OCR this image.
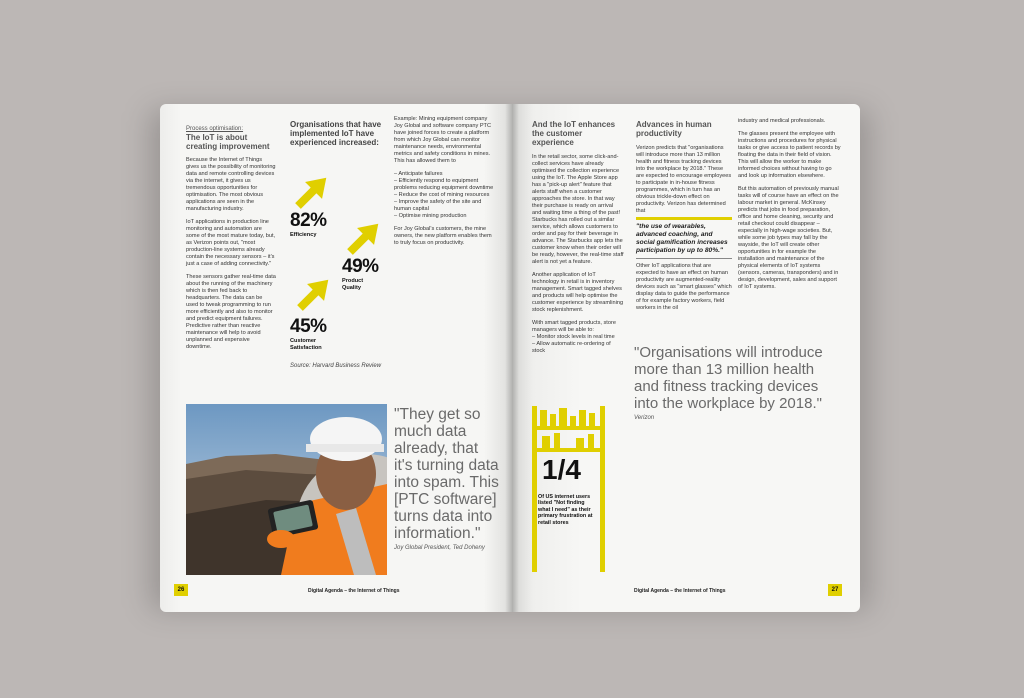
Process optimisation:
The IoT is about creating improvement

Because the Internet of Things gives us the possibility of monitoring data and remote controlling devices via the internet, it gives us tremendous opportunities for optimisation. The most obvious applications are seen in the manufacturing industry.

IoT applications in production line monitoring and automation are some of the most mature today, but, as Verizon points out, "most production-line systems already contain the necessary sensors – it's just a case of adding connectivity."

These sensors gather real-time data about the running of the machinery which is then fed back to headquarters. The data can be used to tweak programming to run more efficiently and also to monitor and predict equipment failures. Predictive rather than reactive maintenance will help to avoid unplanned and expensive downtime.

Organisations that have implemented IoT have experienced increased:
82%
Efficiency
49%
Product Quality
45%
Customer Satisfaction
Source: Harvard Business Review

Example: Mining equipment company Joy Global and software company PTC have joined forces to create a platform from which Joy Global can monitor maintenance needs, environmental metrics and safety conditions in mines. This has allowed them to

– Anticipate failures
– Efficiently respond to equipment problems reducing equipment downtime
– Reduce the cost of mining resources
– Improve the safety of the site and human capital
– Optimise mining production

For Joy Global's customers, the mine owners, the new platform enables them to truly focus on productivity.

"They get so much data already, that it's turning data into spam. This [PTC software] turns data into information."
Joy Global President, Ted Doheny
26	Digital Agenda – the Internet of Things
And the IoT enhances the customer experience

In the retail sector, some click-and-collect services have already optimised the collection experience using the IoT. The Apple Store app has a "pick-up alert" feature that alerts staff when a customer approaches the store. In that way their purchase is ready on arrival and waiting time a thing of the past! Starbucks has rolled out a similar service, which allows customers to order and pay for their beverage in advance. The Starbucks app lets the customer know when their order will be ready, however, the real-time staff alert is not yet a feature.

Another application of IoT technology in retail is in inventory management. Smart tagged shelves and products will help optimise the customer experience by streamlining stock replenishment.

With smart tagged products, store managers will be able to:

– Monitor stock levels in real time
– Allow automatic re-ordering of stock
Advances in human productivity

Verizon predicts that "organisations will introduce more than 13 million health and fitness tracking devices into the workplace by 2018." These are expected to encourage employees to participate in in-house fitness programmes, which in turn has an obvious trickle-down effect on productivity. Verizon has determined that

"the use of wearables, advanced coaching, and social gamification increases participation by up to 80%."

Other IoT applications that are expected to have an effect on human productivity are augmented-reality devices such as "smart glasses" which display data to guide the performance of for example factory workers, field workers in the oil

industry and medical professionals.

The glasses present the employee with instructions and procedures for physical tasks or give access to patient records by floating the data in their field of vision. This will allow the worker to make informed choices without having to go and look up information elsewhere.

But this automation of previously manual tasks will of course have an effect on the labour market in general. McKinsey predicts that jobs in food preparation, office and home cleaning, security and retail checkout could disappear – especially in high-wage societies. But, while some job types may fall by the wayside, the IoT will create other opportunities in for example the installation and maintenance of the physical elements of IoT systems (sensors, cameras, transponders) and in design, development, sales and support of IoT systems.

"Organisations will introduce more than 13 million health and fitness tracking devices into the workplace by 2018."
Verizon
1/4
Of US internet users listed "Not finding what I need" as their primary frustration at retail stores
Digital Agenda – the Internet of Things	27
